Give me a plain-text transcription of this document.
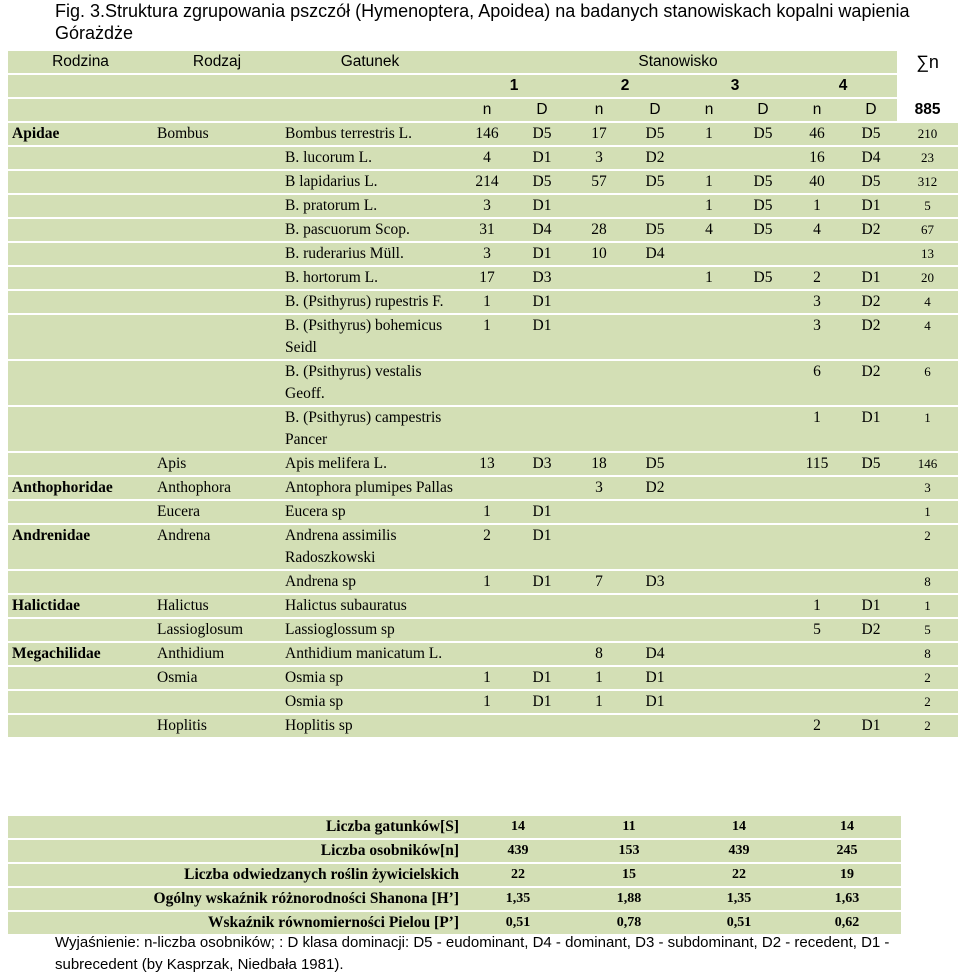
Fig. 3.Struktura zgrupowania pszczół (Hymenoptera, Apoidea) na badanych stanowiskach kopalni wapienia Górażdże
Rodzina	Rodzaj	Gatunek	Stanowisko								∑n
			1		2		3		4		
			n	D	n	D	n	D	n	D	885
Apidae	Bombus	Bombus terrestris L.	146	D5	17	D5	1	D5	46	D5	210
		B. lucorum L.	4	D1	3	D2			16	D4	23
		B lapidarius L.	214	D5	57	D5	1	D5	40	D5	312
		B. pratorum L.	3	D1			1	D5	1	D1	5
		B. pascuorum Scop.	31	D4	28	D5	4	D5	4	D2	67
		B. ruderarius Müll.	3	D1	10	D4					13
		B. hortorum L.	17	D3			1	D5	2	D1	20
		B. (Psithyrus) rupestris F.	1	D1					3	D2	4
		B. (Psithyrus) bohemicus Seidl	1	D1					3	D2	4
		B. (Psithyrus) vestalis Geoff.							6	D2	6
		B. (Psithyrus) campestris Pancer							1	D1	1
	Apis	Apis melifera L.	13	D3	18	D5			115	D5	146
Anthophoridae	Anthophora	Antophora plumipes Pallas			3	D2					3
	Eucera	Eucera sp	1	D1							1
Andrenidae	Andrena	Andrena assimilis Radoszkowski	2	D1							2
		Andrena sp	1	D1	7	D3					8
Halictidae	Halictus	Halictus subauratus							1	D1	1
	Lassioglosum	Lassioglossum sp							5	D2	5
Megachilidae	Anthidium	Anthidium manicatum L.			8	D4					8
	Osmia	Osmia sp	1	D1	1	D1					2
		Osmia sp	1	D1	1	D1					2
	Hoplitis	Hoplitis sp							2	D1	2
Liczba gatunków[S]	14	11	14	14
Liczba osobników[n]	439	153	439	245
Liczba odwiedzanych roślin żywicielskich	22	15	22	19
Ogólny wskaźnik różnorodności Shanona [H’]	1,35	1,88	1,35	1,63
Wskaźnik równomierności Pielou [P’]	0,51	0,78	0,51	0,62
Wyjaśnienie: n-liczba osobników; : D klasa dominacji: D5 - eudominant, D4 - dominant, D3 - subdominant, D2 - recedent, D1 - subrecedent (by Kasprzak, Niedbała 1981).
